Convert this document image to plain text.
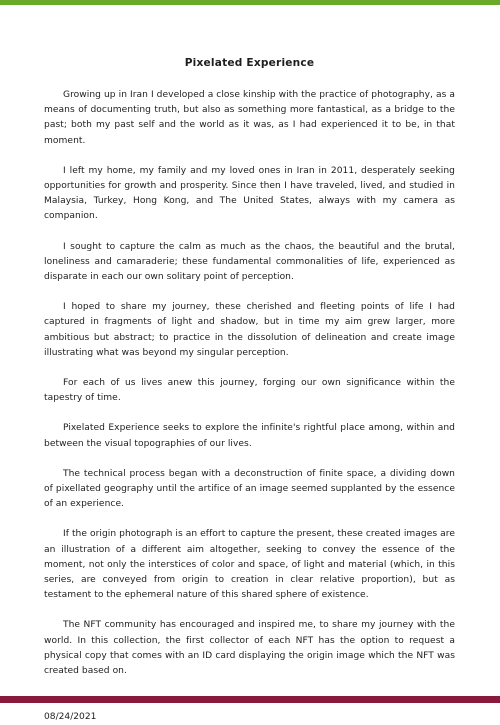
Pixelated Experience

Growing up in Iran I developed a close kinship with the practice of photography, as a means of documenting truth, but also as something more fantastical, as a bridge to the past; both my past self and the world as it was, as I had experienced it to be, in that moment.

I left my home, my family and my loved ones in Iran in 2011, desperately seeking opportunities for growth and prosperity. Since then I have traveled, lived, and studied in Malaysia, Turkey, Hong Kong, and The United States, always with my camera as companion.

I sought to capture the calm as much as the chaos, the beautiful and the brutal, loneliness and camaraderie; these fundamental commonalities of life, experienced as disparate in each our own solitary point of perception.

I hoped to share my journey, these cherished and fleeting points of life I had captured in fragments of light and shadow, but in time my aim grew larger, more ambitious but abstract; to practice in the dissolution of delineation and create image illustrating what was beyond my singular perception.

For each of us lives anew this journey, forging our own significance within the tapestry of time.

Pixelated Experience seeks to explore the infinite's rightful place among, within and between the visual topographies of our lives.

The technical process began with a deconstruction of finite space, a dividing down of pixellated geography until the artifice of an image seemed supplanted by the essence of an experience.

If the origin photograph is an effort to capture the present, these created images are an illustration of a different aim altogether, seeking to convey the essence of the moment, not only the interstices of color and space, of light and material (which, in this series, are conveyed from origin to creation in clear relative proportion), but as testament to the ephemeral nature of this shared sphere of existence.

The NFT community has encouraged and inspired me, to share my journey with the world. In this collection, the first collector of each NFT has the option to request a physical copy that comes with an ID card displaying the origin image which the NFT was created based on.

08/24/2021
